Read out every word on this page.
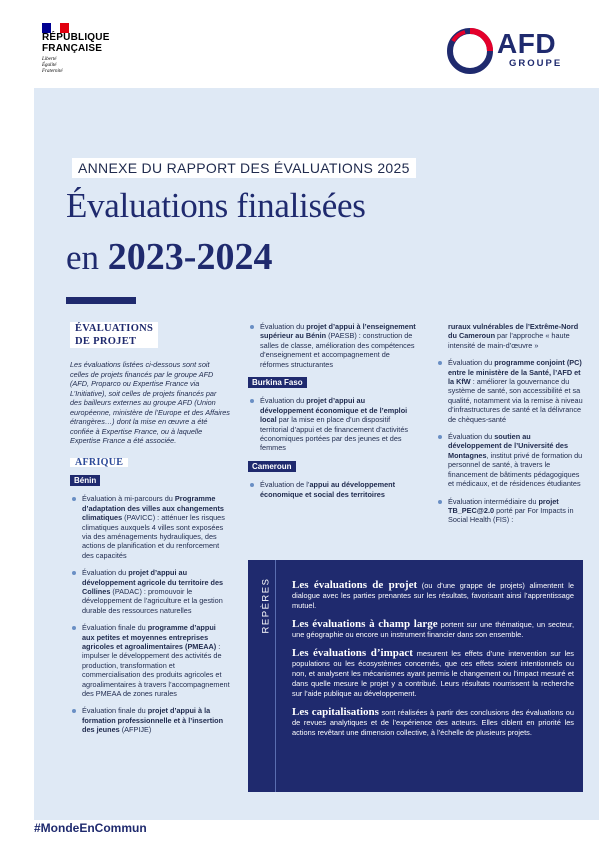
RÉPUBLIQUE
FRANÇAISE
Liberté
Égalité
Fraternité
AFD
GROUPE
ANNEXE DU RAPPORT DES ÉVALUATIONS 2025
Évaluations finalisées
en 2023-2024
ÉVALUATIONS
DE PROJET
Les évaluations listées ci-dessous sont soit celles de projets financés par le groupe AFD (AFD, Proparco ou Expertise France via L’Initiative), soit celles de projets financés par des bailleurs externes au groupe AFD (Union européenne, ministère de l’Europe et des Affaires étrangères…) dont la mise en œuvre a été confiée à Expertise France, ou à laquelle Expertise France a été associée.
AFRIQUE
Bénin
Évaluation à mi-parcours du Programme d’adaptation des villes aux changements climatiques (PAVICC) : atténuer les risques climatiques auxquels 4 villes sont exposées via des aménagements hydrauliques, des actions de planification et du renforcement des capacités
Évaluation du projet d’appui au développement agricole du territoire des Collines (PADAC) : promouvoir le développement de l’agriculture et la gestion durable des ressources naturelles
Évaluation finale du programme d’appui aux petites et moyennes entreprises agricoles et agroalimentaires (PMEAA) : impulser le développement des activités de production, transformation et commercialisation des produits agricoles et agroalimentaires à travers l’accompagnement des PMEAA de zones rurales
Évaluation finale du projet d’appui à la formation professionnelle et à l’insertion des jeunes (AFPIJE)
Évaluation du projet d’appui à l’enseignement supérieur au Bénin (PAESB) : construction de salles de classe, amélioration des compétences d’enseignement et accompagnement de réformes structurantes
Burkina Faso
Évaluation du projet d’appui au développement économique et de l’emploi local par la mise en place d’un dispositif territorial d’appui et de financement d’activités économiques portées par des jeunes et des femmes
Cameroun
Évaluation de l’appui au développement économique et social des territoires
ruraux vulnérables de l’Extrême-Nord du Cameroun par l’approche « haute intensité de main-d’œuvre »
Évaluation du programme conjoint (PC) entre le ministère de la Santé, l’AFD et la KfW : améliorer la gouvernance du système de santé, son accessibilité et sa qualité, notamment via la remise à niveau d’infrastructures de santé et la délivrance de chèques-santé
Évaluation du soutien au développement de l’Université des Montagnes, institut privé de formation du personnel de santé, à travers le financement de bâtiments pédagogiques et médicaux, et de résidences étudiantes
Évaluation intermédiaire du projet TB_PEC@2.0 porté par For Impacts in Social Health (FIS) :
REPÈRES Les évaluations de projet (ou d’une grappe de projets) alimentent le dialogue avec les parties prenantes sur les résultats, favorisant ainsi l’apprentissage mutuel.

Les évaluations à champ large portent sur une thématique, un secteur, une géographie ou encore un instrument financier dans son ensemble.

Les évaluations d’impact mesurent les effets d’une intervention sur les populations ou les écosystèmes concernés, que ces effets soient intentionnels ou non, et analysent les mécanismes ayant permis le changement ou l’impact mesuré et dans quelle mesure le projet y a contribué. Leurs résultats nourrissent la recherche sur l’aide publique au développement.

Les capitalisations sont réalisées à partir des conclusions des évaluations ou de revues analytiques et de l’expérience des acteurs. Elles ciblent en priorité les actions revêtant une dimension collective, à l’échelle de plusieurs projets.

#MondeEnCommun
